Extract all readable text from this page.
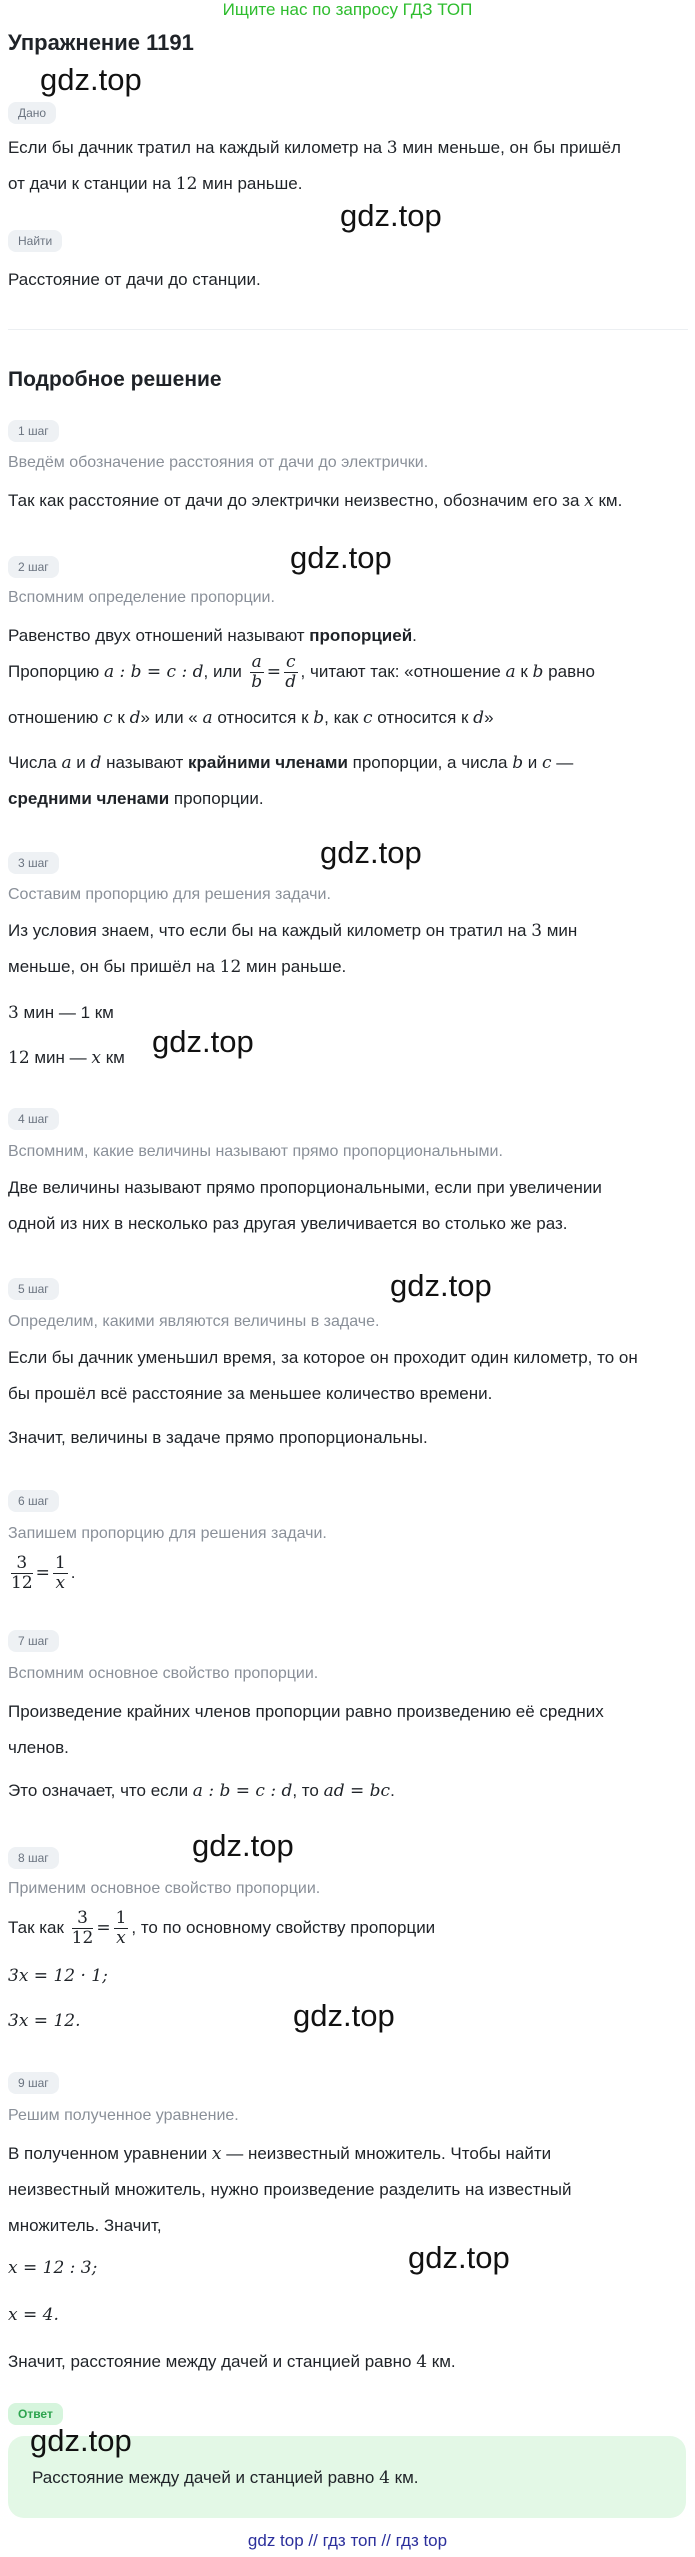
Ищите нас по запросу ГДЗ ТОП
Упражнение 1191
gdz.top
Дано
Если бы дачник тратил на каждый километр на 3 мин меньше, он бы пришёл
от дачи к станции на 12 мин раньше.
gdz.top
Найти
Расстояние от дачи до станции.
Подробное решение
1 шаг
Введём обозначение расстояния от дачи до электрички.
Так как расстояние от дачи до электрички неизвестно, обозначим его за x км.
gdz.top
2 шаг
Вспомним определение пропорции.
Равенство двух отношений называют пропорцией.
Пропорцию a : b = c : d, или $\frac{a}{b} = \frac{c}{d}$ , читают так: «отношение a к b равно
отношению c к d» или « a относится к b, как c относится к d»
Числа a и d называют крайними членами пропорции, а числа b и c —
средними членами пропорции.
gdz.top
3 шаг
Составим пропорцию для решения задачи.
Из условия знаем, что если бы на каждый километр он тратил на 3 мин
меньше, он бы пришёл на 12 мин раньше.
3 мин — 1 км
12 мин — x км gdz.top
4 шаг
Вспомним, какие величины называют прямо пропорциональными.
Две величины называют прямо пропорциональными, если при увеличении
одной из них в несколько раз другая увеличивается во столько же раз.
gdz.top
5 шаг
Определим, какими являются величины в задаче.
Если бы дачник уменьшил время, за которое он проходит один километр, то он
бы прошёл всё расстояние за меньшее количество времени.
Значит, величины в задаче прямо пропорциональны.
6 шаг
Запишем пропорцию для решения задачи.
$\frac{3}{12} = \frac{1}{x}$ .
7 шаг
Вспомним основное свойство пропорции.
Произведение крайних членов пропорции равно произведению её средних
членов.
Это означает, что если a : b = c : d, то ad = bc.
gdz.top
8 шаг
Применим основное свойство пропорции.
Так как $\frac{3}{12} = \frac{1}{x}$ , то по основному свойству пропорции
3x = 12 · 1;
3x = 12.	gdz.top
9 шаг
Решим полученное уравнение.
В полученном уравнении x — неизвестный множитель. Чтобы найти
неизвестный множитель, нужно произведение разделить на известный
множитель. Значит,
x = 12 : 3;	gdz.top
x = 4.
Значит, расстояние между дачей и станцией равно 4 км.
Ответ
gdz.top
Расстояние между дачей и станцией равно 4 км.
gdz top // гдз топ // гдз top
